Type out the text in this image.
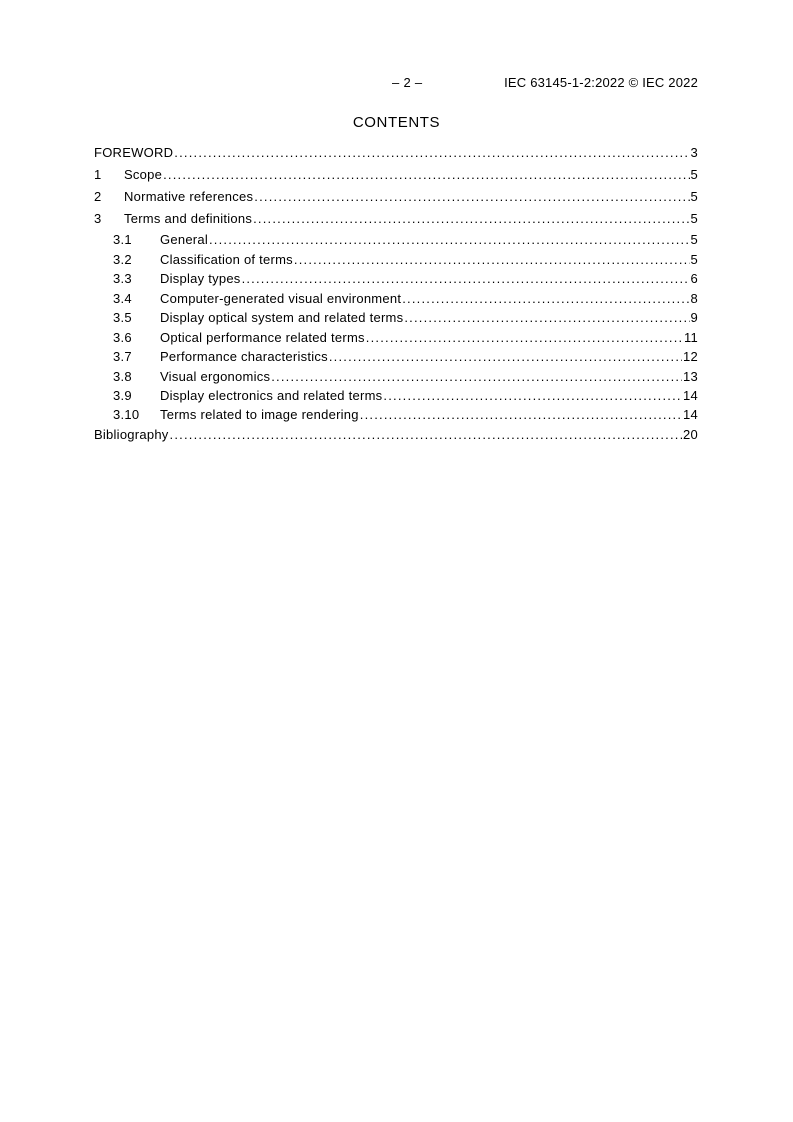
– 2 –	IEC 63145-1-2:2022 © IEC 2022
CONTENTS
FOREWORD .....	3
1	Scope .....	5
2	Normative references .....	5
3	Terms and definitions .....	5
3.1	General .....	5
3.2	Classification of terms .....	5
3.3	Display types .....	6
3.4	Computer-generated visual environment .....	8
3.5	Display optical system and related terms .....	9
3.6	Optical performance related terms .....	11
3.7	Performance characteristics .....	12
3.8	Visual ergonomics .....	13
3.9	Display electronics and related terms .....	14
3.10	Terms related to image rendering .....	14
Bibliography .....	20
